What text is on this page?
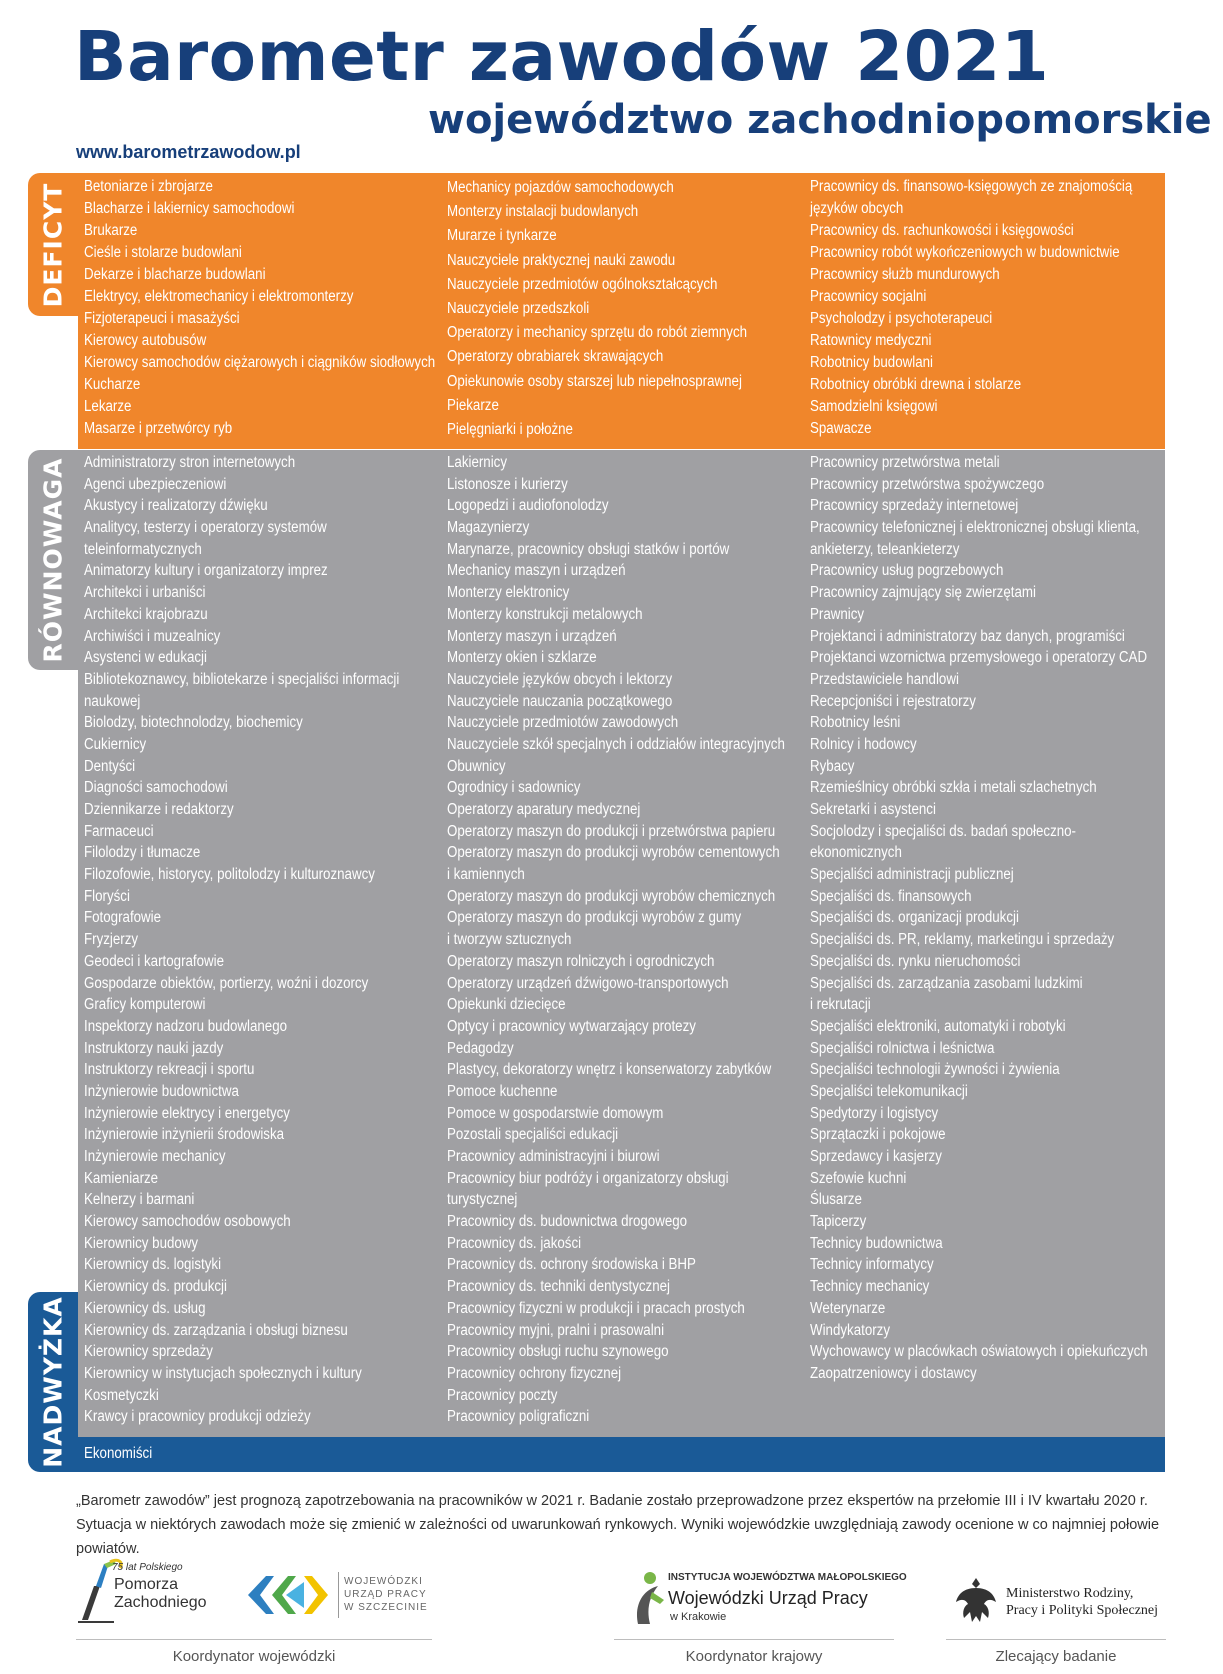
Barometr zawodów 2021
województwo zachodniopomorskie
www.barometrzawodow.pl
Betoniarze i zbrojarze
Blacharze i lakiernicy samochodowi
Brukarze
Cieśle i stolarze budowlani
Dekarze i blacharze budowlani
Elektrycy, elektromechanicy i elektromonterzy
Fizjoterapeuci i masażyści
Kierowcy autobusów
Kierowcy samochodów ciężarowych i ciągników siodłowych
Kucharze
Lekarze
Masarze i przetwórcy ryb
Mechanicy pojazdów samochodowych
Monterzy instalacji budowlanych
Murarze i tynkarze
Nauczyciele praktycznej nauki zawodu
Nauczyciele przedmiotów ogólnokształcących
Nauczyciele przedszkoli
Operatorzy i mechanicy sprzętu do robót ziemnych
Operatorzy obrabiarek skrawających
Opiekunowie osoby starszej lub niepełnosprawnej
Piekarze
Pielęgniarki i położne
Pracownicy ds. finansowo-księgowych ze znajomością
języków obcych
Pracownicy ds. rachunkowości i księgowości
Pracownicy robót wykończeniowych w budownictwie
Pracownicy służb mundurowych
Pracownicy socjalni
Psycholodzy i psychoterapeuci
Ratownicy medyczni
Robotnicy budowlani
Robotnicy obróbki drewna i stolarze
Samodzielni księgowi
Spawacze
Administratorzy stron internetowych
Agenci ubezpieczeniowi
Akustycy i realizatorzy dźwięku
Analitycy, testerzy i operatorzy systemów
teleinformatycznych
Animatorzy kultury i organizatorzy imprez
Architekci i urbaniści
Architekci krajobrazu
Archiwiści i muzealnicy
Asystenci w edukacji
Bibliotekoznawcy, bibliotekarze i specjaliści informacji
naukowej
Biolodzy, biotechnolodzy, biochemicy
Cukiernicy
Dentyści
Diagności samochodowi
Dziennikarze i redaktorzy
Farmaceuci
Filolodzy i tłumacze
Filozofowie, historycy, politolodzy i kulturoznawcy
Floryści
Fotografowie
Fryzjerzy
Geodeci i kartografowie
Gospodarze obiektów, portierzy, woźni i dozorcy
Graficy komputerowi
Inspektorzy nadzoru budowlanego
Instruktorzy nauki jazdy
Instruktorzy rekreacji i sportu
Inżynierowie budownictwa
Inżynierowie elektrycy i energetycy
Inżynierowie inżynierii środowiska
Inżynierowie mechanicy
Kamieniarze
Kelnerzy i barmani
Kierowcy samochodów osobowych
Kierownicy budowy
Kierownicy ds. logistyki
Kierownicy ds. produkcji
Kierownicy ds. usług
Kierownicy ds. zarządzania i obsługi biznesu
Kierownicy sprzedaży
Kierownicy w instytucjach społecznych i kultury
Kosmetyczki
Krawcy i pracownicy produkcji odzieży
Lakiernicy
Listonosze i kurierzy
Logopedzi i audiofonolodzy
Magazynierzy
Marynarze, pracownicy obsługi statków i portów
Mechanicy maszyn i urządzeń
Monterzy elektronicy
Monterzy konstrukcji metalowych
Monterzy maszyn i urządzeń
Monterzy okien i szklarze
Nauczyciele języków obcych i lektorzy
Nauczyciele nauczania początkowego
Nauczyciele przedmiotów zawodowych
Nauczyciele szkół specjalnych i oddziałów integracyjnych
Obuwnicy
Ogrodnicy i sadownicy
Operatorzy aparatury medycznej
Operatorzy maszyn do produkcji i przetwórstwa papieru
Operatorzy maszyn do produkcji wyrobów cementowych
i kamiennych
Operatorzy maszyn do produkcji wyrobów chemicznych
Operatorzy maszyn do produkcji wyrobów z gumy
i tworzyw sztucznych
Operatorzy maszyn rolniczych i ogrodniczych
Operatorzy urządzeń dźwigowo-transportowych
Opiekunki dziecięce
Optycy i pracownicy wytwarzający protezy
Pedagodzy
Plastycy, dekoratorzy wnętrz i konserwatorzy zabytków
Pomoce kuchenne
Pomoce w gospodarstwie domowym
Pozostali specjaliści edukacji
Pracownicy administracyjni i biurowi
Pracownicy biur podróży i organizatorzy obsługi
turystycznej
Pracownicy ds. budownictwa drogowego
Pracownicy ds. jakości
Pracownicy ds. ochrony środowiska i BHP
Pracownicy ds. techniki dentystycznej
Pracownicy fizyczni w produkcji i pracach prostych
Pracownicy myjni, pralni i prasowalni
Pracownicy obsługi ruchu szynowego
Pracownicy ochrony fizycznej
Pracownicy poczty
Pracownicy poligraficzni
Pracownicy przetwórstwa metali
Pracownicy przetwórstwa spożywczego
Pracownicy sprzedaży internetowej
Pracownicy telefonicznej i elektronicznej obsługi klienta,
ankieterzy, teleankieterzy
Pracownicy usług pogrzebowych
Pracownicy zajmujący się zwierzętami
Prawnicy
Projektanci i administratorzy baz danych, programiści
Projektanci wzornictwa przemysłowego i operatorzy CAD
Przedstawiciele handlowi
Recepcjoniści i rejestratorzy
Robotnicy leśni
Rolnicy i hodowcy
Rybacy
Rzemieślnicy obróbki szkła i metali szlachetnych
Sekretarki i asystenci
Socjolodzy i specjaliści ds. badań społeczno-
ekonomicznych
Specjaliści administracji publicznej
Specjaliści ds. finansowych
Specjaliści ds. organizacji produkcji
Specjaliści ds. PR, reklamy, marketingu i sprzedaży
Specjaliści ds. rynku nieruchomości
Specjaliści ds. zarządzania zasobami ludzkimi
i rekrutacji
Specjaliści elektroniki, automatyki i robotyki
Specjaliści rolnictwa i leśnictwa
Specjaliści technologii żywności i żywienia
Specjaliści telekomunikacji
Spedytorzy i logistycy
Sprzątaczki i pokojowe
Sprzedawcy i kasjerzy
Szefowie kuchni
Ślusarze
Tapicerzy
Technicy budownictwa
Technicy informatycy
Technicy mechanicy
Weterynarze
Windykatorzy
Wychowawcy w placówkach oświatowych i opiekuńczych
Zaopatrzeniowcy i dostawcy
Ekonomiści
DEFICYT
RÓWNOWAGA
NADWYŻKA

„Barometr zawodów” jest prognozą zapotrzebowania na pracowników w 2021 r. Badanie zostało przeprowadzone przez ekspertów na przełomie III i IV kwartału 2020 r. Sytuacja w niektórych zawodach może się zmienić w zależności od uwarunkowań rynkowych. Wyniki wojewódzkie uwzględniają zawody ocenione w co najmniej połowie powiatów.

75 lat Polskiego
Pomorza
Zachodniego
WOJEWÓDZKI
URZĄD PRACY
W SZCZECINIE
INSTYTUCJA WOJEWÓDZTWA MAŁOPOLSKIEGO
Wojewódzki Urząd Pracy
w Krakowie
Ministerstwo Rodziny,
Pracy i Polityki Społecznej
Koordynator wojewódzki	Koordynator krajowy	Zlecający badanie
